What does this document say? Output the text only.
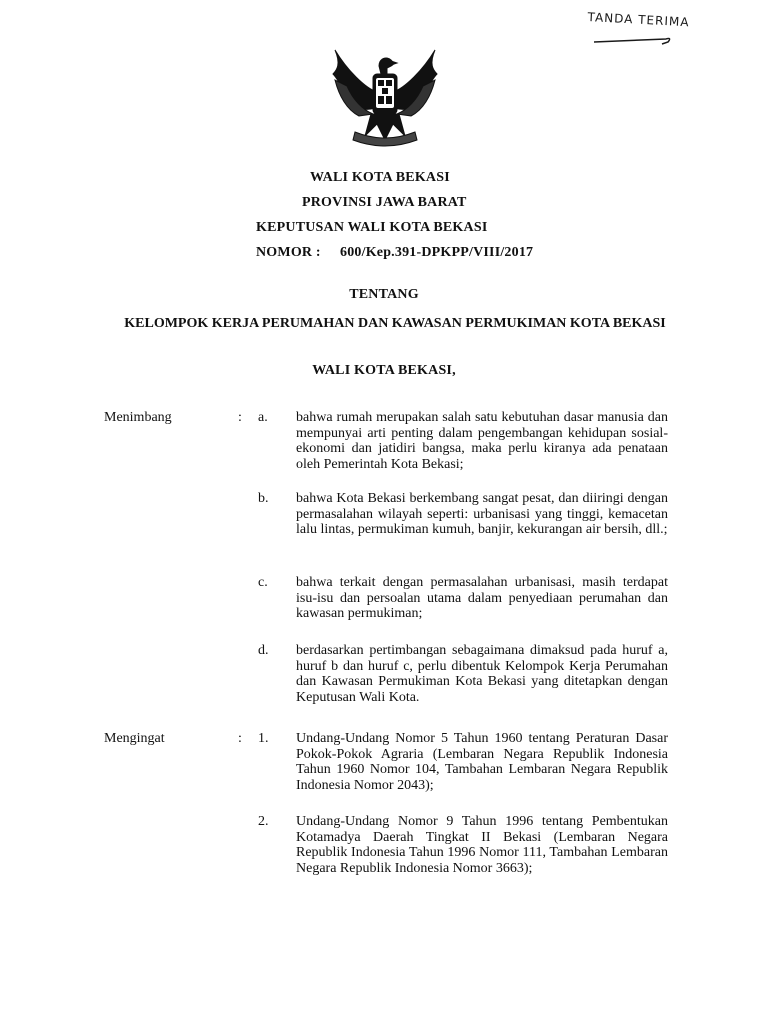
TANDA TERIMA
WALI KOTA BEKASI
PROVINSI JAWA BARAT
KEPUTUSAN WALI KOTA BEKASI
NOMOR : 600/Kep.391-DPKPP/VIII/2017
TENTANG
KELOMPOK KERJA PERUMAHAN DAN KAWASAN PERMUKIMAN KOTA BEKASI
WALI KOTA BEKASI,
Menimbang	: a. bahwa rumah merupakan salah satu kebutuhan dasar manusia dan mempunyai arti penting dalam pengembangan kehidupan sosial-ekonomi dan jatidiri bangsa, maka perlu kiranya ada penataan oleh Pemerintah Kota Bekasi;
b. bahwa Kota Bekasi berkembang sangat pesat, dan diiringi dengan permasalahan wilayah seperti: urbanisasi yang tinggi, kemacetan lalu lintas, permukiman kumuh, banjir, kekurangan air bersih, dll.;
c. bahwa terkait dengan permasalahan urbanisasi, masih terdapat isu-isu dan persoalan utama dalam penyediaan perumahan dan kawasan permukiman;
d. berdasarkan pertimbangan sebagaimana dimaksud pada huruf a, huruf b dan huruf c, perlu dibentuk Kelompok Kerja Perumahan dan Kawasan Permukiman Kota Bekasi yang ditetapkan dengan Keputusan Wali Kota.
Mengingat	: 1. Undang-Undang Nomor 5 Tahun 1960 tentang Peraturan Dasar Pokok-Pokok Agraria (Lembaran Negara Republik Indonesia Tahun 1960 Nomor 104, Tambahan Lembaran Negara Republik Indonesia Nomor 2043);
2. Undang-Undang Nomor 9 Tahun 1996 tentang Pembentukan Kotamadya Daerah Tingkat II Bekasi (Lembaran Negara Republik Indonesia Tahun 1996 Nomor 111, Tambahan Lembaran Negara Republik Indonesia Nomor 3663);
